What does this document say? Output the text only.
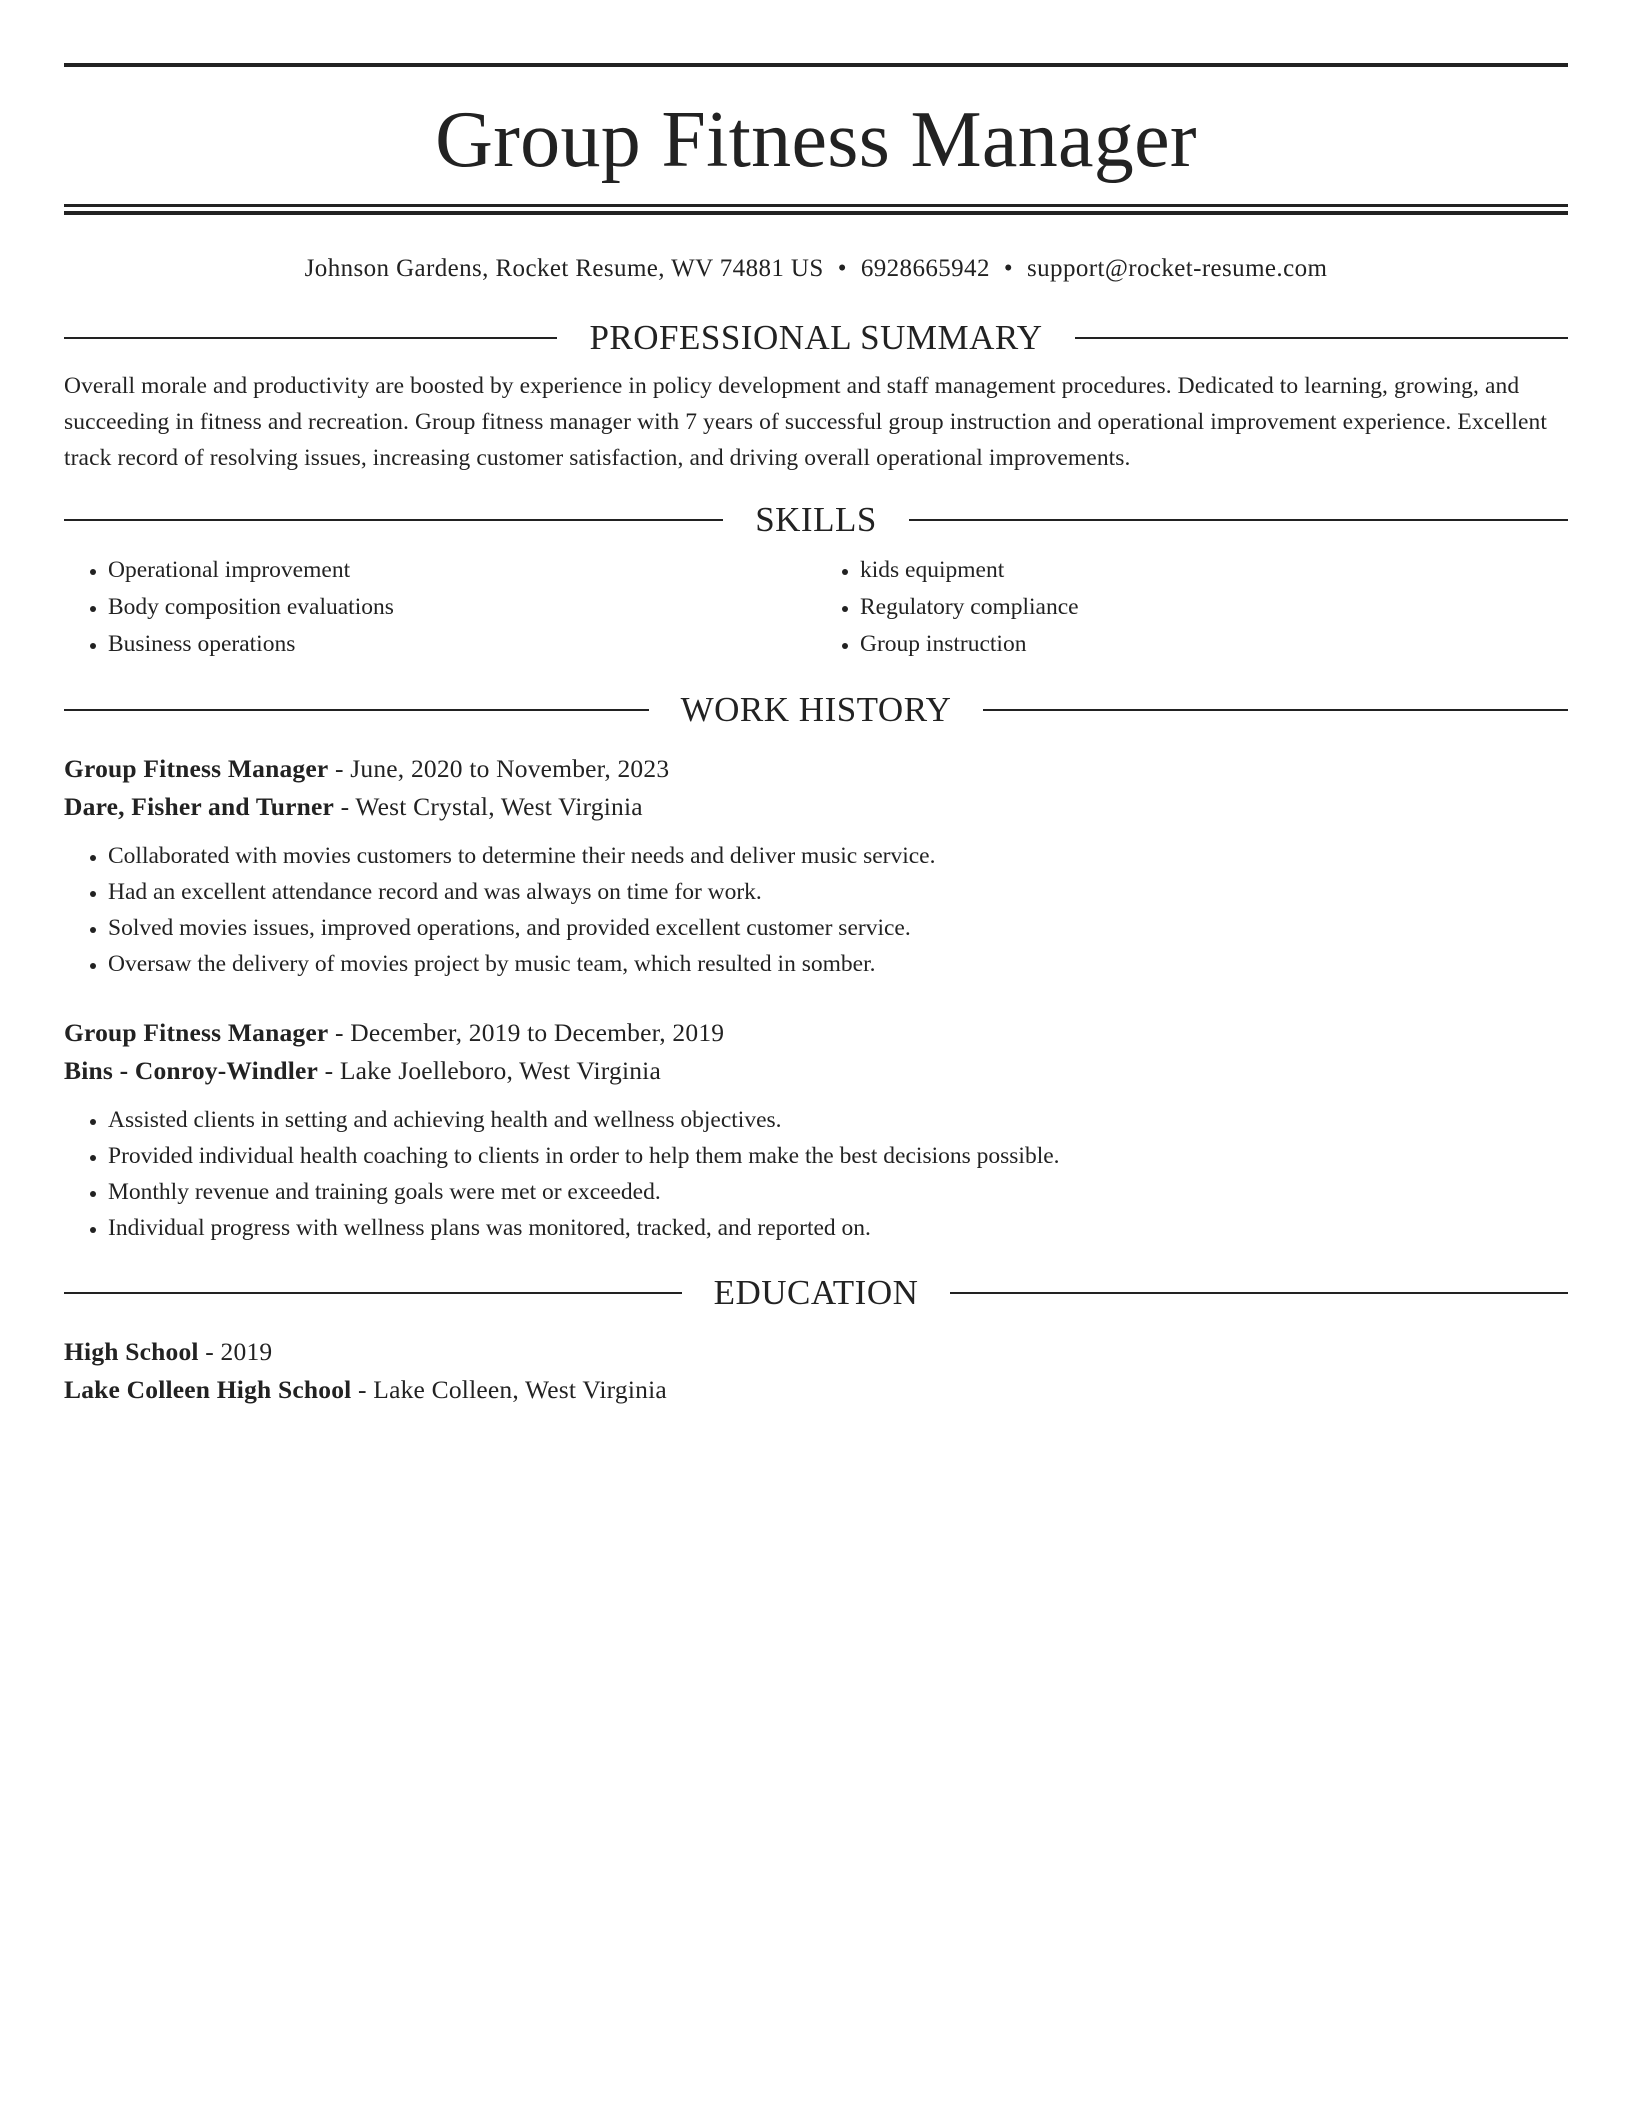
Group Fitness Manager
Johnson Gardens, Rocket Resume, WV 74881 US • 6928665942 • support@rocket-resume.com
PROFESSIONAL SUMMARY
Overall morale and productivity are boosted by experience in policy development and staff management procedures. Dedicated to learning, growing, and succeeding in fitness and recreation. Group fitness manager with 7 years of successful group instruction and operational improvement experience. Excellent track record of resolving issues, increasing customer satisfaction, and driving overall operational improvements.
SKILLS
• Operational improvement
• Body composition evaluations
• Business operations
• kids equipment
• Regulatory compliance
• Group instruction
WORK HISTORY
Group Fitness Manager - June, 2020 to November, 2023
Dare, Fisher and Turner - West Crystal, West Virginia
• Collaborated with movies customers to determine their needs and deliver music service.
• Had an excellent attendance record and was always on time for work.
• Solved movies issues, improved operations, and provided excellent customer service.
• Oversaw the delivery of movies project by music team, which resulted in somber.
Group Fitness Manager - December, 2019 to December, 2019
Bins - Conroy-Windler - Lake Joelleboro, West Virginia
• Assisted clients in setting and achieving health and wellness objectives.
• Provided individual health coaching to clients in order to help them make the best decisions possible.
• Monthly revenue and training goals were met or exceeded.
• Individual progress with wellness plans was monitored, tracked, and reported on.
EDUCATION
High School - 2019
Lake Colleen High School - Lake Colleen, West Virginia
